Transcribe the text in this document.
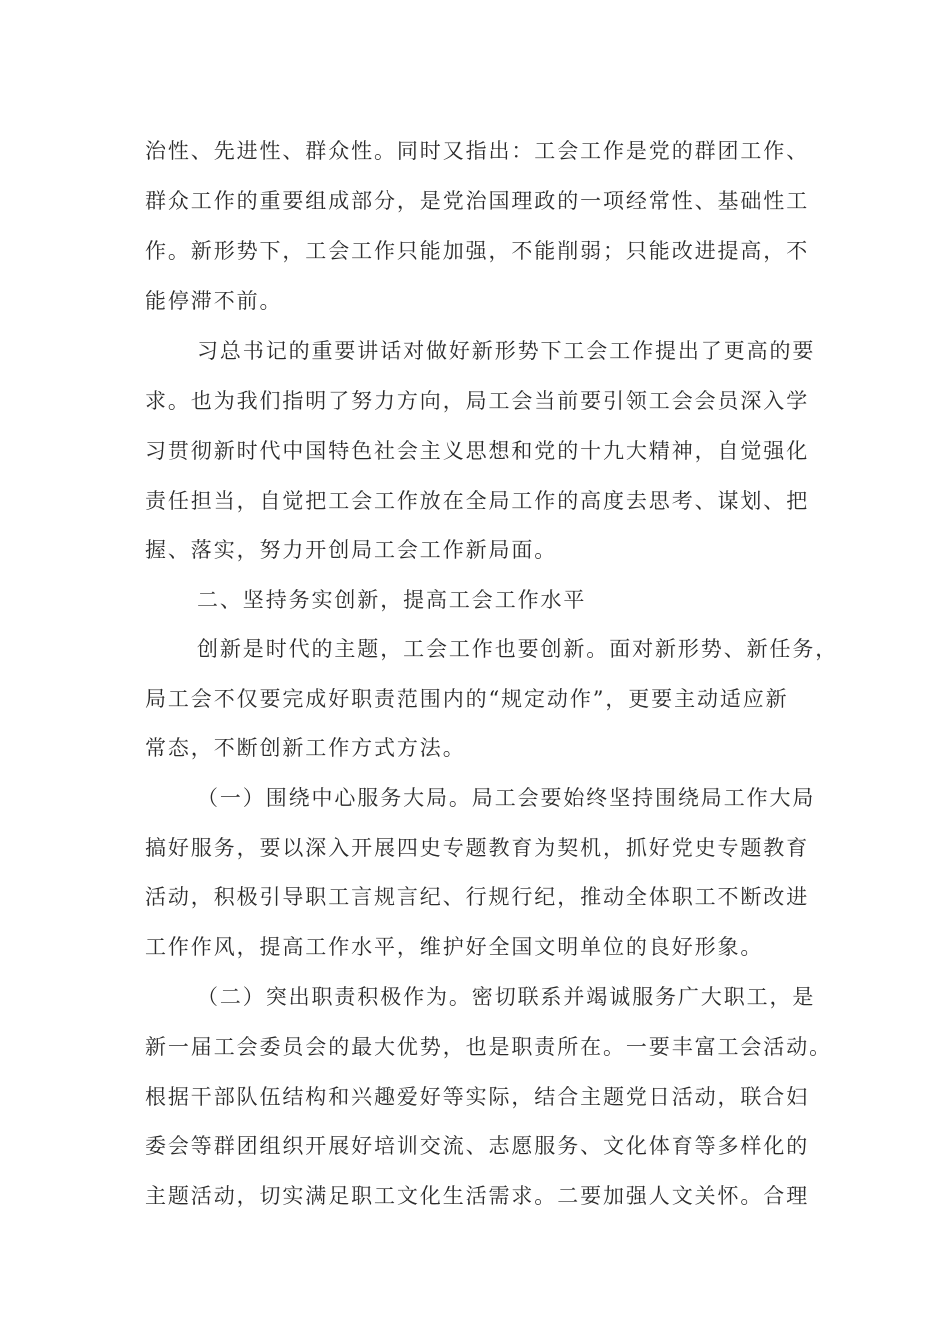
治性、先进性、群众性。同时又指出：工会工作是党的群团工作、
群众工作的重要组成部分，是党治国理政的一项经常性、基础性工
作。新形势下，工会工作只能加强，不能削弱；只能改进提高，不
能停滞不前。
习总书记的重要讲话对做好新形势下工会工作提出了更高的要
求。也为我们指明了努力方向，局工会当前要引领工会会员深入学
习贯彻新时代中国特色社会主义思想和党的十九大精神，自觉强化
责任担当，自觉把工会工作放在全局工作的高度去思考、谋划、把
握、落实，努力开创局工会工作新局面。
二、坚持务实创新，提高工会工作水平
创新是时代的主题，工会工作也要创新。面对新形势、新任务，
局工会不仅要完成好职责范围内的“规定动作”，更要主动适应新
常态，不断创新工作方式方法。
（一）围绕中心服务大局。局工会要始终坚持围绕局工作大局
搞好服务，要以深入开展四史专题教育为契机，抓好党史专题教育
活动，积极引导职工言规言纪、行规行纪，推动全体职工不断改进
工作作风，提高工作水平，维护好全国文明单位的良好形象。
（二）突出职责积极作为。密切联系并竭诚服务广大职工，是
新一届工会委员会的最大优势，也是职责所在。一要丰富工会活动。
根据干部队伍结构和兴趣爱好等实际，结合主题党日活动，联合妇
委会等群团组织开展好培训交流、志愿服务、文化体育等多样化的
主题活动，切实满足职工文化生活需求。二要加强人文关怀。合理
